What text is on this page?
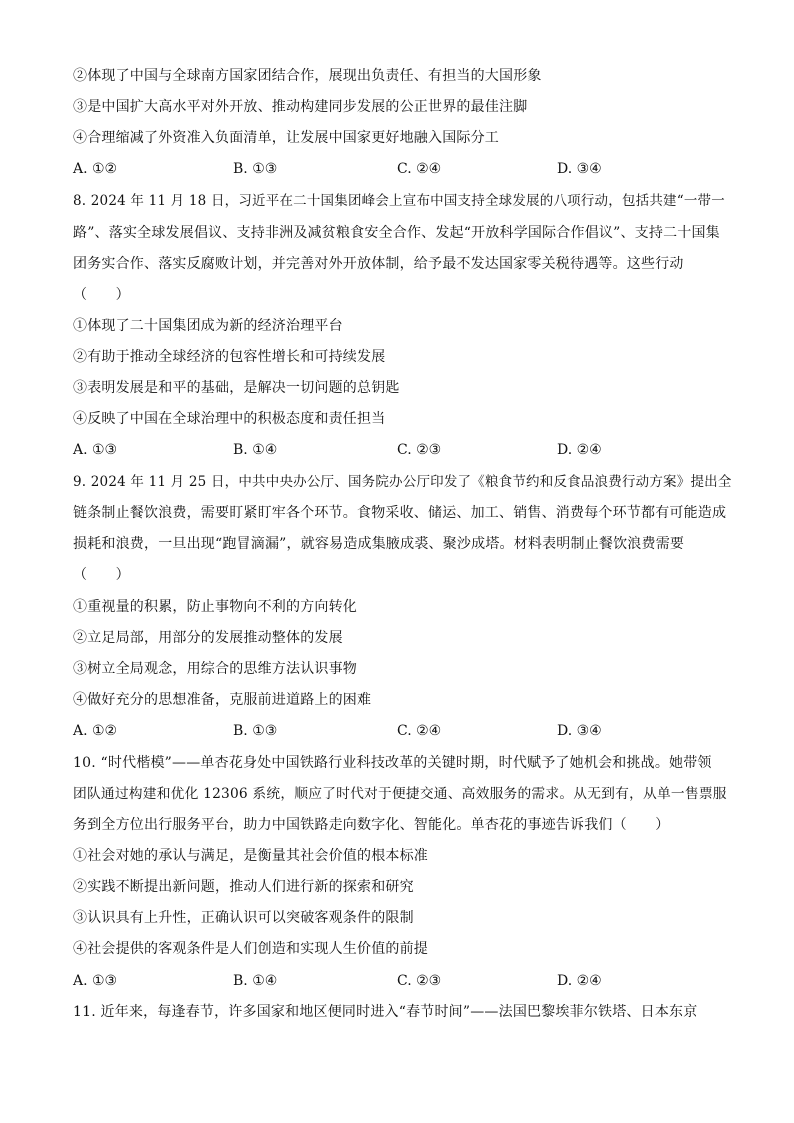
②体现了中国与全球南方国家团结合作，展现出负责任、有担当的大国形象
③是中国扩大高水平对外开放、推动构建同步发展的公正世界的最佳注脚
④合理缩减了外资准入负面清单，让发展中国家更好地融入国际分工
A. ①②	B. ①③	C. ②④	D. ③④
8. 2024 年 11 月 18 日，习近平在二十国集团峰会上宣布中国支持全球发展的八项行动，包括共建“一带一
路”、落实全球发展倡议、支持非洲及减贫粮食安全合作、发起“开放科学国际合作倡议”、支持二十国集
团务实合作、落实反腐败计划，并完善对外开放体制，给予最不发达国家零关税待遇等。这些行动
（　　）
①体现了二十国集团成为新的经济治理平台
②有助于推动全球经济的包容性增长和可持续发展
③表明发展是和平的基础，是解决一切问题的总钥匙
④反映了中国在全球治理中的积极态度和责任担当
A. ①③	B. ①④	C. ②③	D. ②④
9. 2024 年 11 月 25 日，中共中央办公厅、国务院办公厅印发了《粮食节约和反食品浪费行动方案》提出全
链条制止餐饮浪费，需要盯紧盯牢各个环节。食物采收、储运、加工、销售、消费每个环节都有可能造成
损耗和浪费，一旦出现“跑冒滴漏”，就容易造成集腋成裘、聚沙成塔。材料表明制止餐饮浪费需要
（　　）
①重视量的积累，防止事物向不利的方向转化
②立足局部，用部分的发展推动整体的发展
③树立全局观念，用综合的思维方法认识事物
④做好充分的思想准备，克服前进道路上的困难
A. ①②	B. ①③	C. ②④	D. ③④
10. “时代楷模”——单杏花身处中国铁路行业科技改革的关键时期，时代赋予了她机会和挑战。她带领
团队通过构建和优化 12306 系统，顺应了时代对于便捷交通、高效服务的需求。从无到有，从单一售票服
务到全方位出行服务平台，助力中国铁路走向数字化、智能化。单杏花的事迹告诉我们（　　）
①社会对她的承认与满足，是衡量其社会价值的根本标准
②实践不断提出新问题，推动人们进行新的探索和研究
③认识具有上升性，正确认识可以突破客观条件的限制
④社会提供的客观条件是人们创造和实现人生价值的前提
A. ①③	B. ①④	C. ②③	D. ②④
11. 近年来，每逢春节，许多国家和地区便同时进入“春节时间”——法国巴黎埃菲尔铁塔、日本东京
